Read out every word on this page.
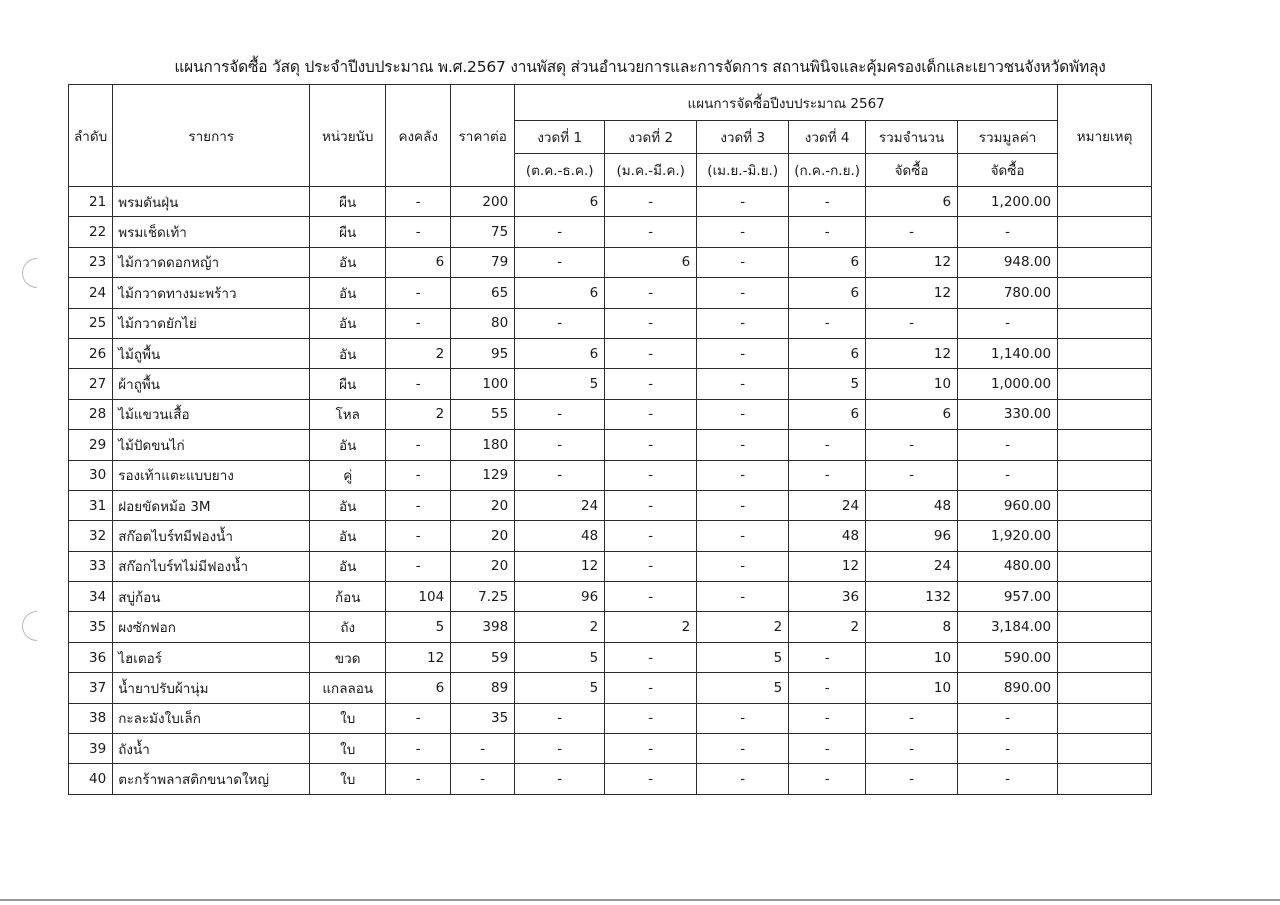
แผนการจัดซื้อ วัสดุ ประจำปีงบประมาณ พ.ศ.2567 งานพัสดุ ส่วนอำนวยการและการจัดการ สถานพินิจและคุ้มครองเด็กและเยาวชนจังหวัดพัทลุง
ลำดับ	รายการ	หน่วยนับ	คงคลัง	ราคาต่อ	แผนการจัดซื้อปีงบประมาณ 2567						หมายเหตุ
					งวดที่ 1	งวดที่ 2	งวดที่ 3	งวดที่ 4	รวมจำนวน	รวมมูลค่า	
					(ต.ค.-ธ.ค.)	(ม.ค.-มี.ค.)	(เม.ย.-มิ.ย.)	(ก.ค.-ก.ย.)	จัดซื้อ	จัดซื้อ	
21	พรมดันฝุ่น	ผืน	-	200	6	-	-	-	6	1,200.00	
22	พรมเช็ดเท้า	ผืน	-	75	-	-	-	-	-	-	
23	ไม้กวาดดอกหญ้า	อัน	6	79	-	6	-	6	12	948.00	
24	ไม้กวาดทางมะพร้าว	อัน	-	65	6	-	-	6	12	780.00	
25	ไม้กวาดยักไย่	อัน	-	80	-	-	-	-	-	-	
26	ไม้ถูพื้น	อัน	2	95	6	-	-	6	12	1,140.00	
27	ผ้าถูพื้น	ผืน	-	100	5	-	-	5	10	1,000.00	
28	ไม้แขวนเสื้อ	โหล	2	55	-	-	-	6	6	330.00	
29	ไม้ปัดขนไก่	อัน	-	180	-	-	-	-	-	-	
30	รองเท้าแตะแบบยาง	คู่	-	129	-	-	-	-	-	-	
31	ฝอยขัดหม้อ 3M	อัน	-	20	24	-	-	24	48	960.00	
32	สก๊อตไบร์ทมีฟองน้ำ	อัน	-	20	48	-	-	48	96	1,920.00	
33	สก๊อกไบร์ทไม่มีฟองน้ำ	อัน	-	20	12	-	-	12	24	480.00	
34	สบู่ก้อน	ก้อน	104	7.25	96	-	-	36	132	957.00	
35	ผงซักฟอก	ถัง	5	398	2	2	2	2	8	3,184.00	
36	ไฮเตอร์	ขวด	12	59	5	-	5	-	10	590.00	
37	น้ำยาปรับผ้านุ่ม	แกลลอน	6	89	5	-	5	-	10	890.00	
38	กะละมังใบเล็ก	ใบ	-	35	-	-	-	-	-	-	
39	ถังน้ำ	ใบ	-	-	-	-	-	-	-	-	
40	ตะกร้าพลาสติกขนาดใหญ่	ใบ	-	-	-	-	-	-	-	-	
